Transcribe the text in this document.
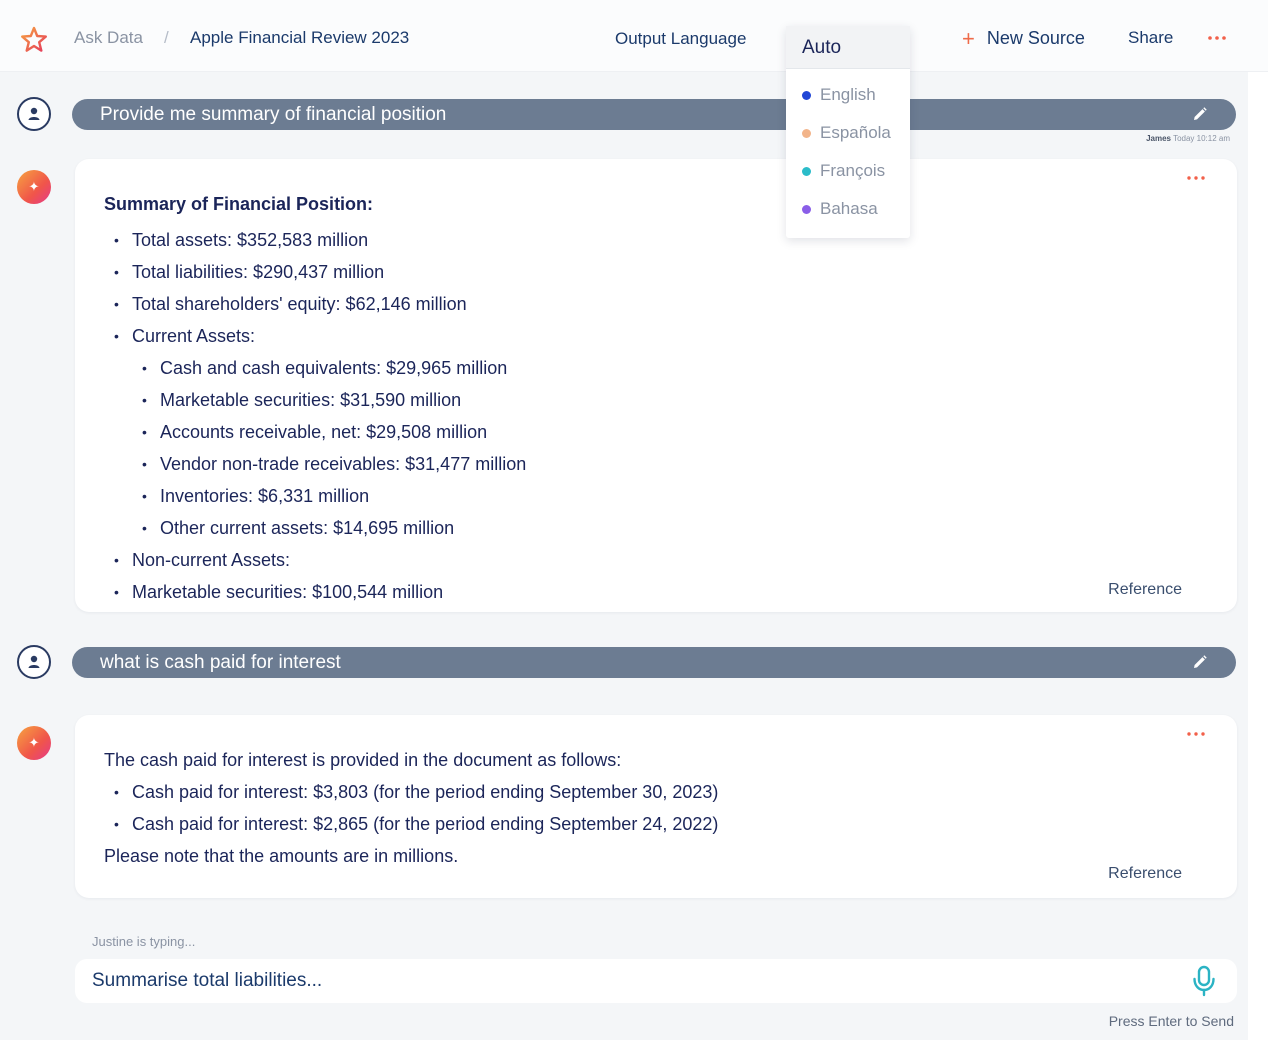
Ask Data / Apple Financial Review 2023	Output Language	+ New Source	Share
Provide me summary of financial position
James Today 10:12 am
✦
Summary of Financial Position:
• Total assets: $352,583 million
• Total liabilities: $290,437 million
• Total shareholders' equity: $62,146 million
• Current Assets:
• Cash and cash equivalents: $29,965 million
• Marketable securities: $31,590 million
• Accounts receivable, net: $29,508 million
• Vendor non-trade receivables: $31,477 million
• Inventories: $6,331 million
• Other current assets: $14,695 million
• Non-current Assets:
• Marketable securities: $100,544 million	Reference
what is cash paid for interest
✦

The cash paid for interest is provided in the document as follows:

• Cash paid for interest: $3,803 (for the period ending September 30, 2023)
• Cash paid for interest: $2,865 (for the period ending September 24, 2022)

Please note that the amounts are in millions.

Reference
Justine is typing...
Summarise total liabilities...
Press Enter to Send
Auto
English
Española
François
Bahasa
